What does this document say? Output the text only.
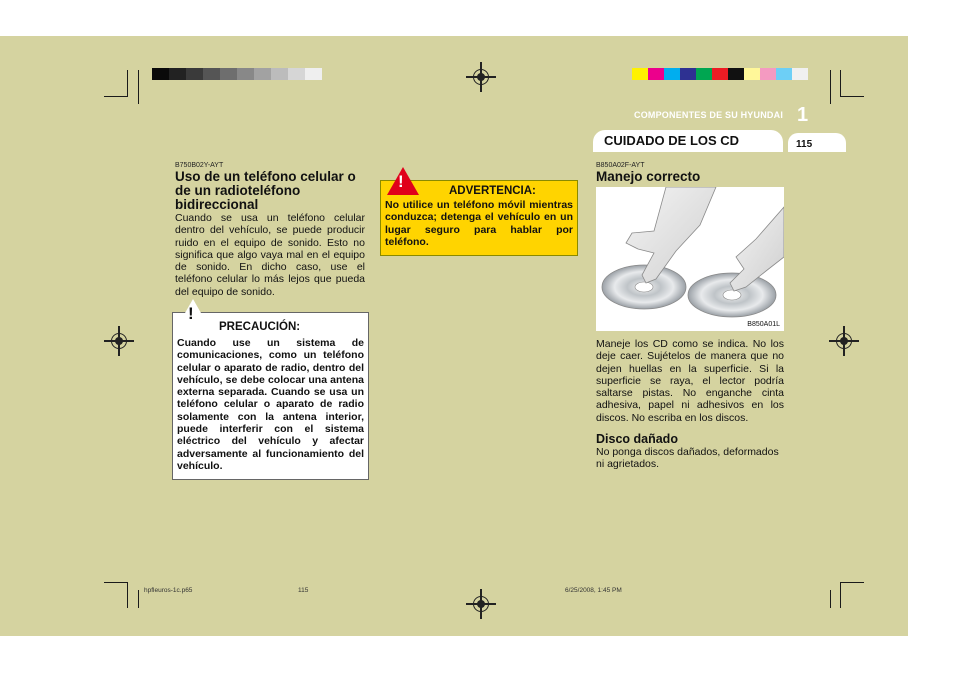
COMPONENTES DE SU HYUNDAI 1
CUIDADO DE LOS CD	115
B750B02Y-AYT
Uso de un teléfono celular o de un radioteléfono bidireccional
Cuando se usa un teléfono celular dentro del vehículo, se puede producir ruido en el equipo de sonido. Esto no significa que algo vaya mal en el equipo de sonido. En dicho caso, use el teléfono celular lo más lejos que pueda del equipo de sonido.
!
PRECAUCIÓN:
Cuando use un sistema de comunicaciones, como un teléfono celular o aparato de radio, dentro del vehículo, se debe colocar una antena externa separada. Cuando se usa un teléfono celular o aparato de radio solamente con la antena interior, puede interferir con el sistema eléctrico del vehículo y afectar adversamente al funcionamiento del vehículo.
!	ADVERTENCIA:
No utilice un teléfono móvil mientras conduzca; detenga el vehículo en un lugar seguro para hablar por teléfono.
B850A02F-AYT
Manejo correcto
B850A01L
Maneje los CD como se indica. No los deje caer. Sujételos de manera que no dejen huellas en la superficie. Si la superficie se raya, el lector podría saltarse pistas. No enganche cinta adhesiva, papel ni adhesivos en los discos. No escriba en los discos.
Disco dañado
No ponga discos dañados, deformados ni agrietados.
hpfleuros-1c.p65	115	6/25/2008, 1:45 PM
